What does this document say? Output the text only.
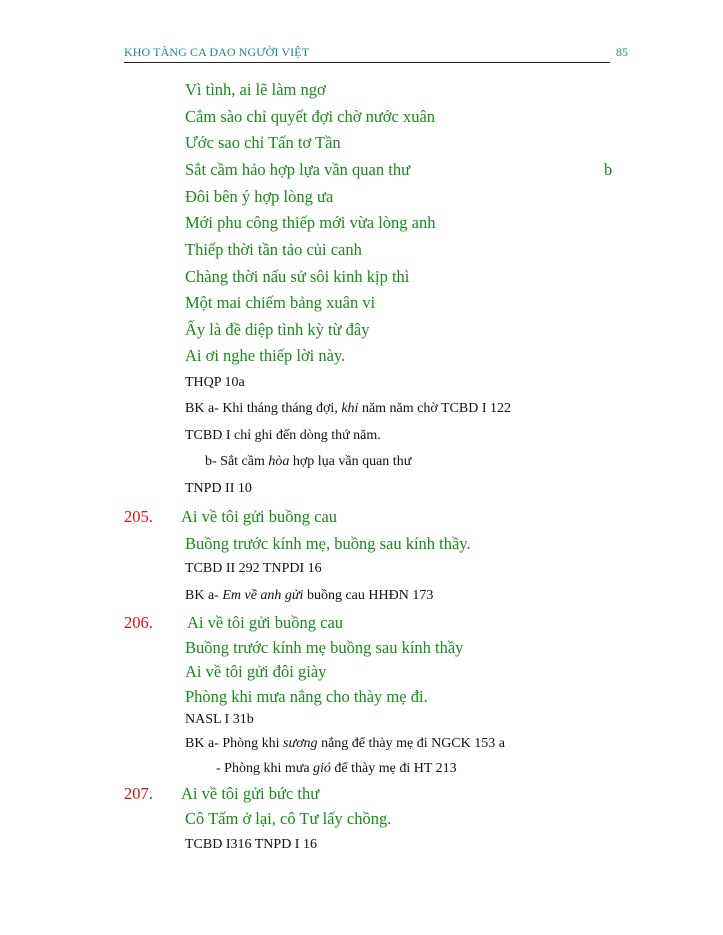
KHO TÀNG CA DAO NGƯỜI VIỆT	85
Vì tình, ai lẽ làm ngơ
Cắm sào chỉ quyết đợi chờ nước xuân
Ước sao chỉ Tấn tơ Tần
Sắt cầm hảo hợp lựa vần quan thư	b
Đôi bên ý hợp lòng ưa
Mới phu công thiếp mới vừa lòng anh
Thiếp thời tần tảo củi canh
Chàng thời nấu sử sôi kinh kịp thì
Một mai chiếm bảng xuân vi
Ấy là đề diệp tình kỳ từ đây
Ai ơi nghe thiếp lời này.
THQP 10a
BK a- Khi tháng tháng đợi, khi năm năm chờ TCBD I 122
TCBD I chỉ ghi đến dòng thứ năm.
b- Sắt cầm hòa hợp lụa vần quan thư
TNPD II 10
205. Ai về tôi gửi buồng cau
Buồng trước kính mẹ, buồng sau kính thầy.
TCBD II 292 TNPDI 16
BK a- Em về anh gửi buồng cau HHĐN 173
206. Ai về tôi gửi buồng cau
Buồng trước kính mẹ buồng sau kính thầy
Ai về tôi gửi đôi giày
Phòng khi mưa nắng cho thày mẹ đi.
NASL I 31b
BK a- Phòng khi sương nắng để thày mẹ đi NGCK 153 a
- Phòng khi mưa gió để thày mẹ đi HT 213
207. Ai về tôi gửi bức thư
Cô Tấm ở lại, cô Tư lấy chồng.
TCBD I316 TNPD I 16
